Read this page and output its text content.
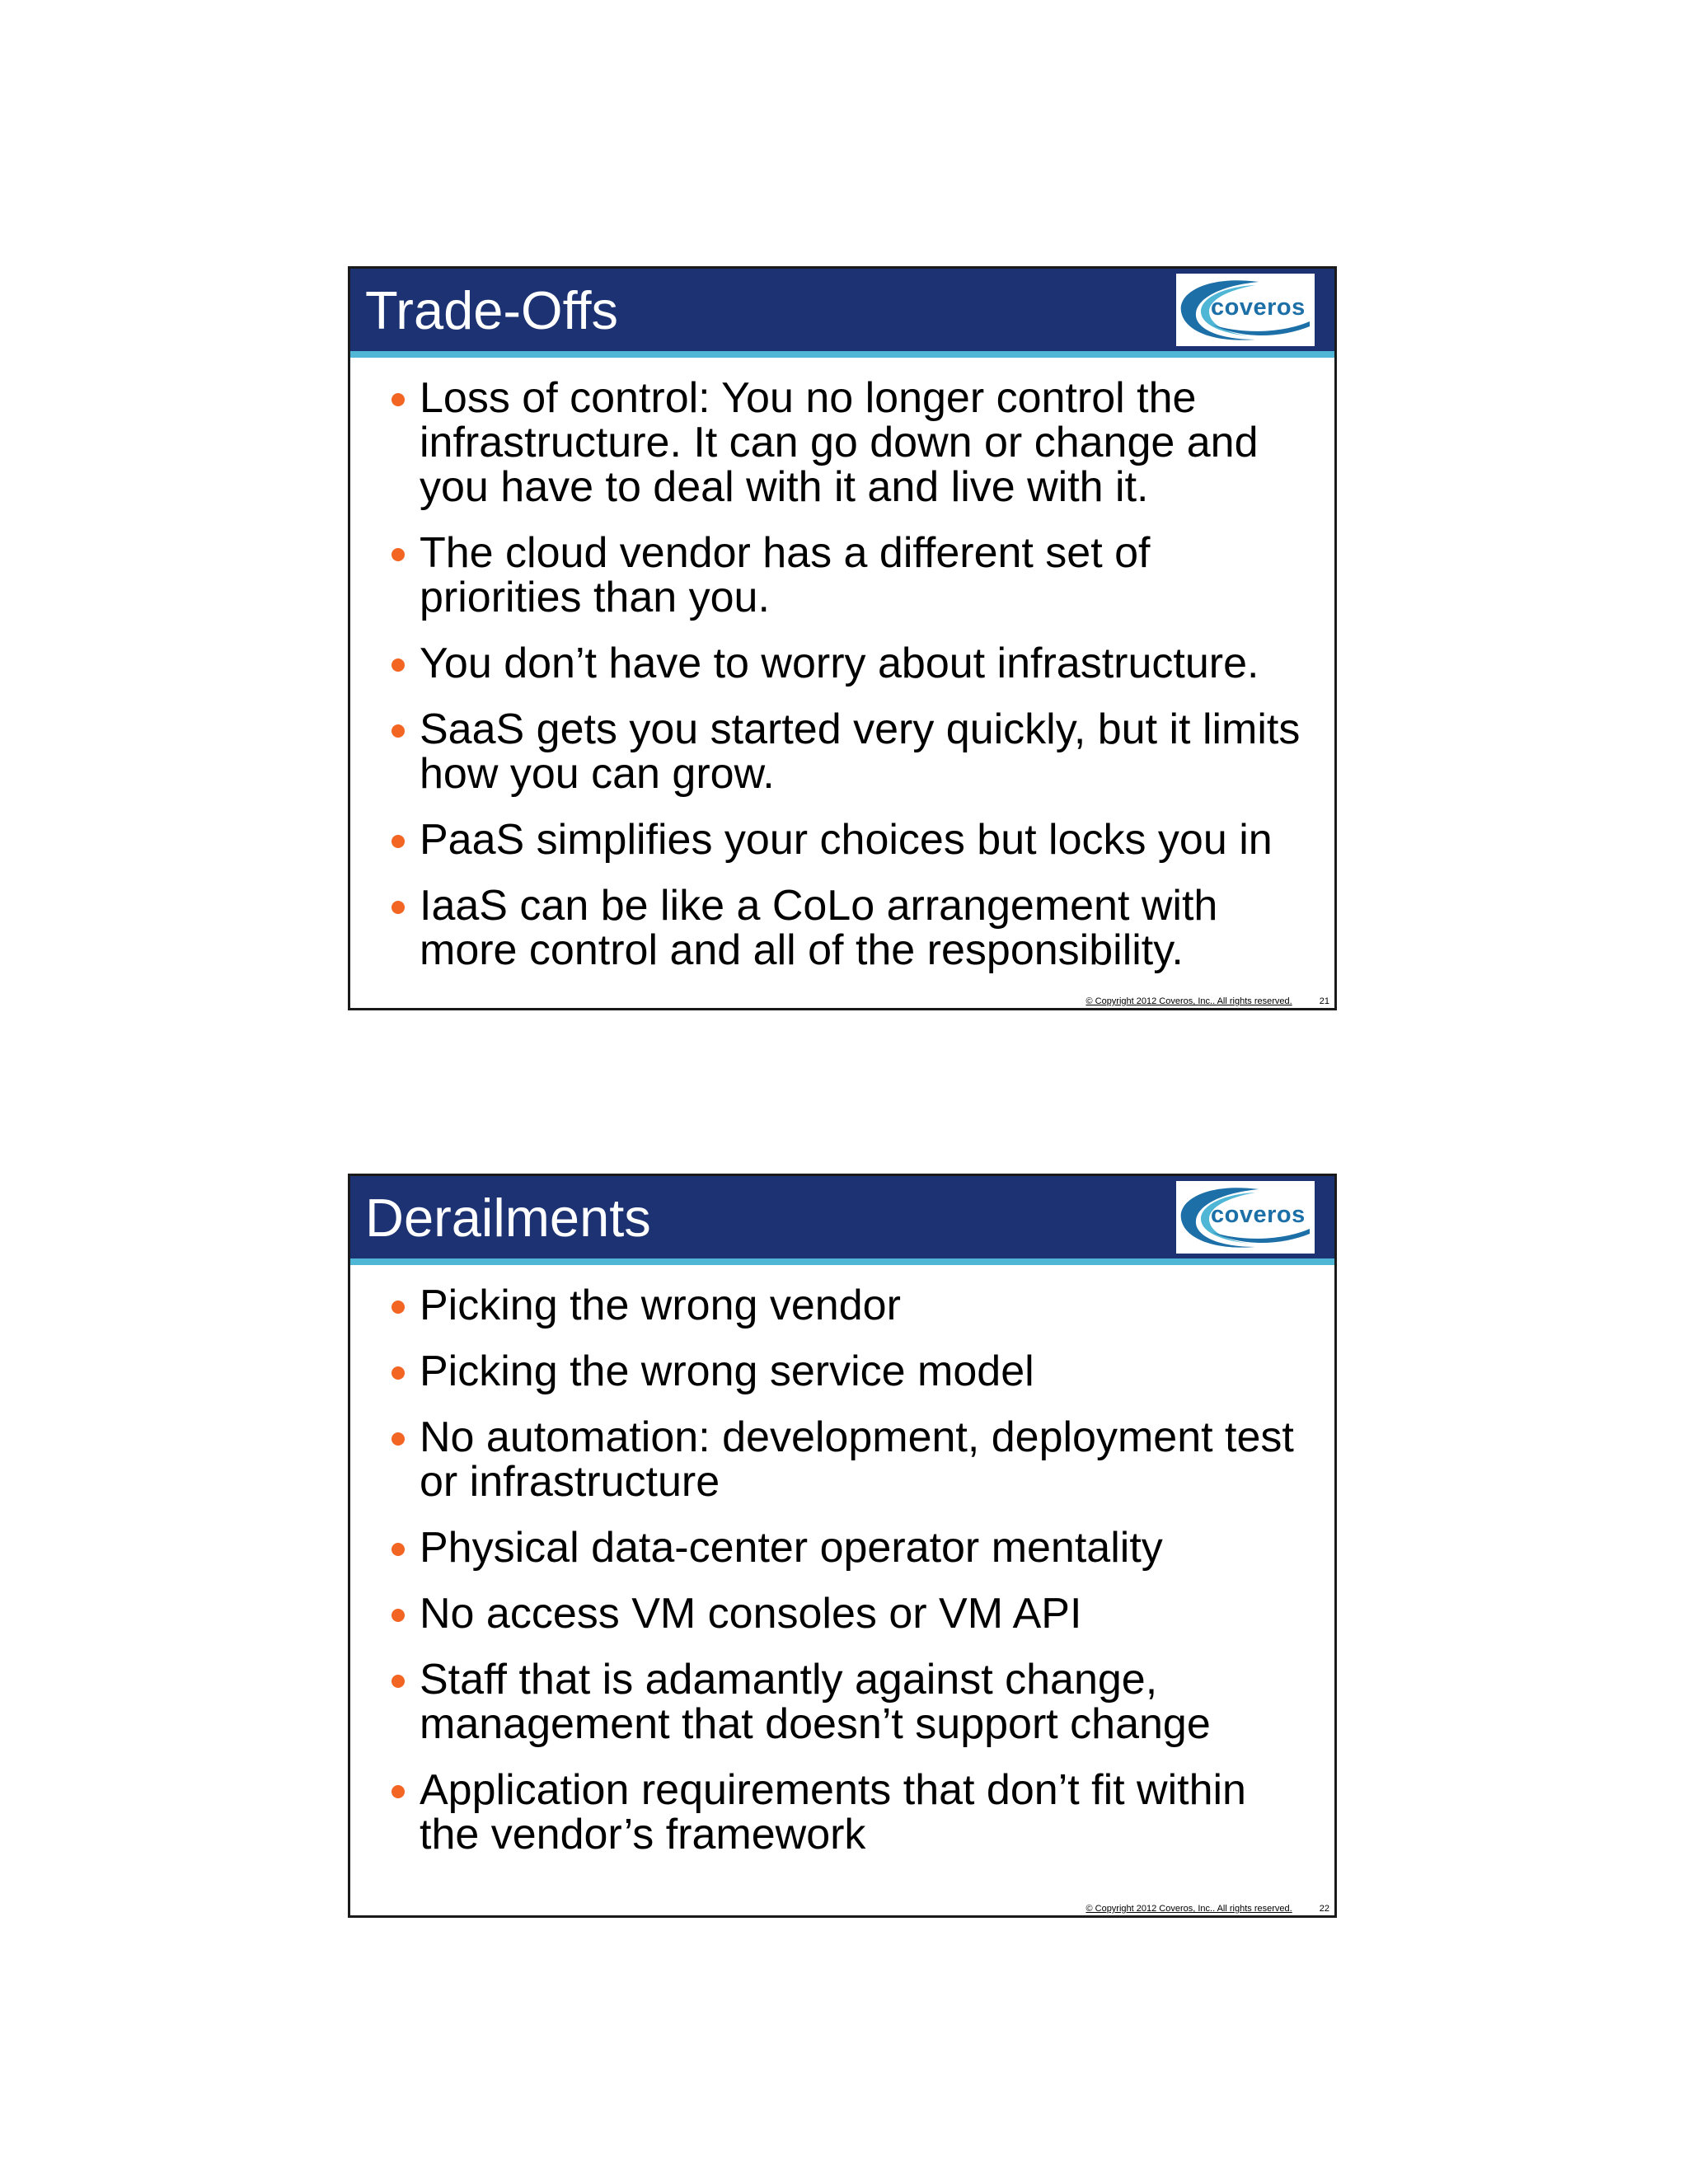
Trade-Offs	coveros
Loss of control: You no longer control the infrastructure. It can go down or change and you have to deal with it and live with it.
The cloud vendor has a different set of priorities than you.
You don’t have to worry about infrastructure.
SaaS gets you started very quickly, but it limits how you can grow.
PaaS simplifies your choices but locks you in
IaaS can be like a CoLo arrangement with more control and all of the responsibility.
© Copyright 2012 Coveros, Inc.. All rights reserved.	21
Derailments	coveros
Picking the wrong vendor
Picking the wrong service model
No automation: development, deployment test or infrastructure
Physical data-center operator mentality
No access VM consoles or VM API
Staff that is adamantly against change, management that doesn’t support change
Application requirements that don’t fit within the vendor’s framework
© Copyright 2012 Coveros, Inc.. All rights reserved.	22
